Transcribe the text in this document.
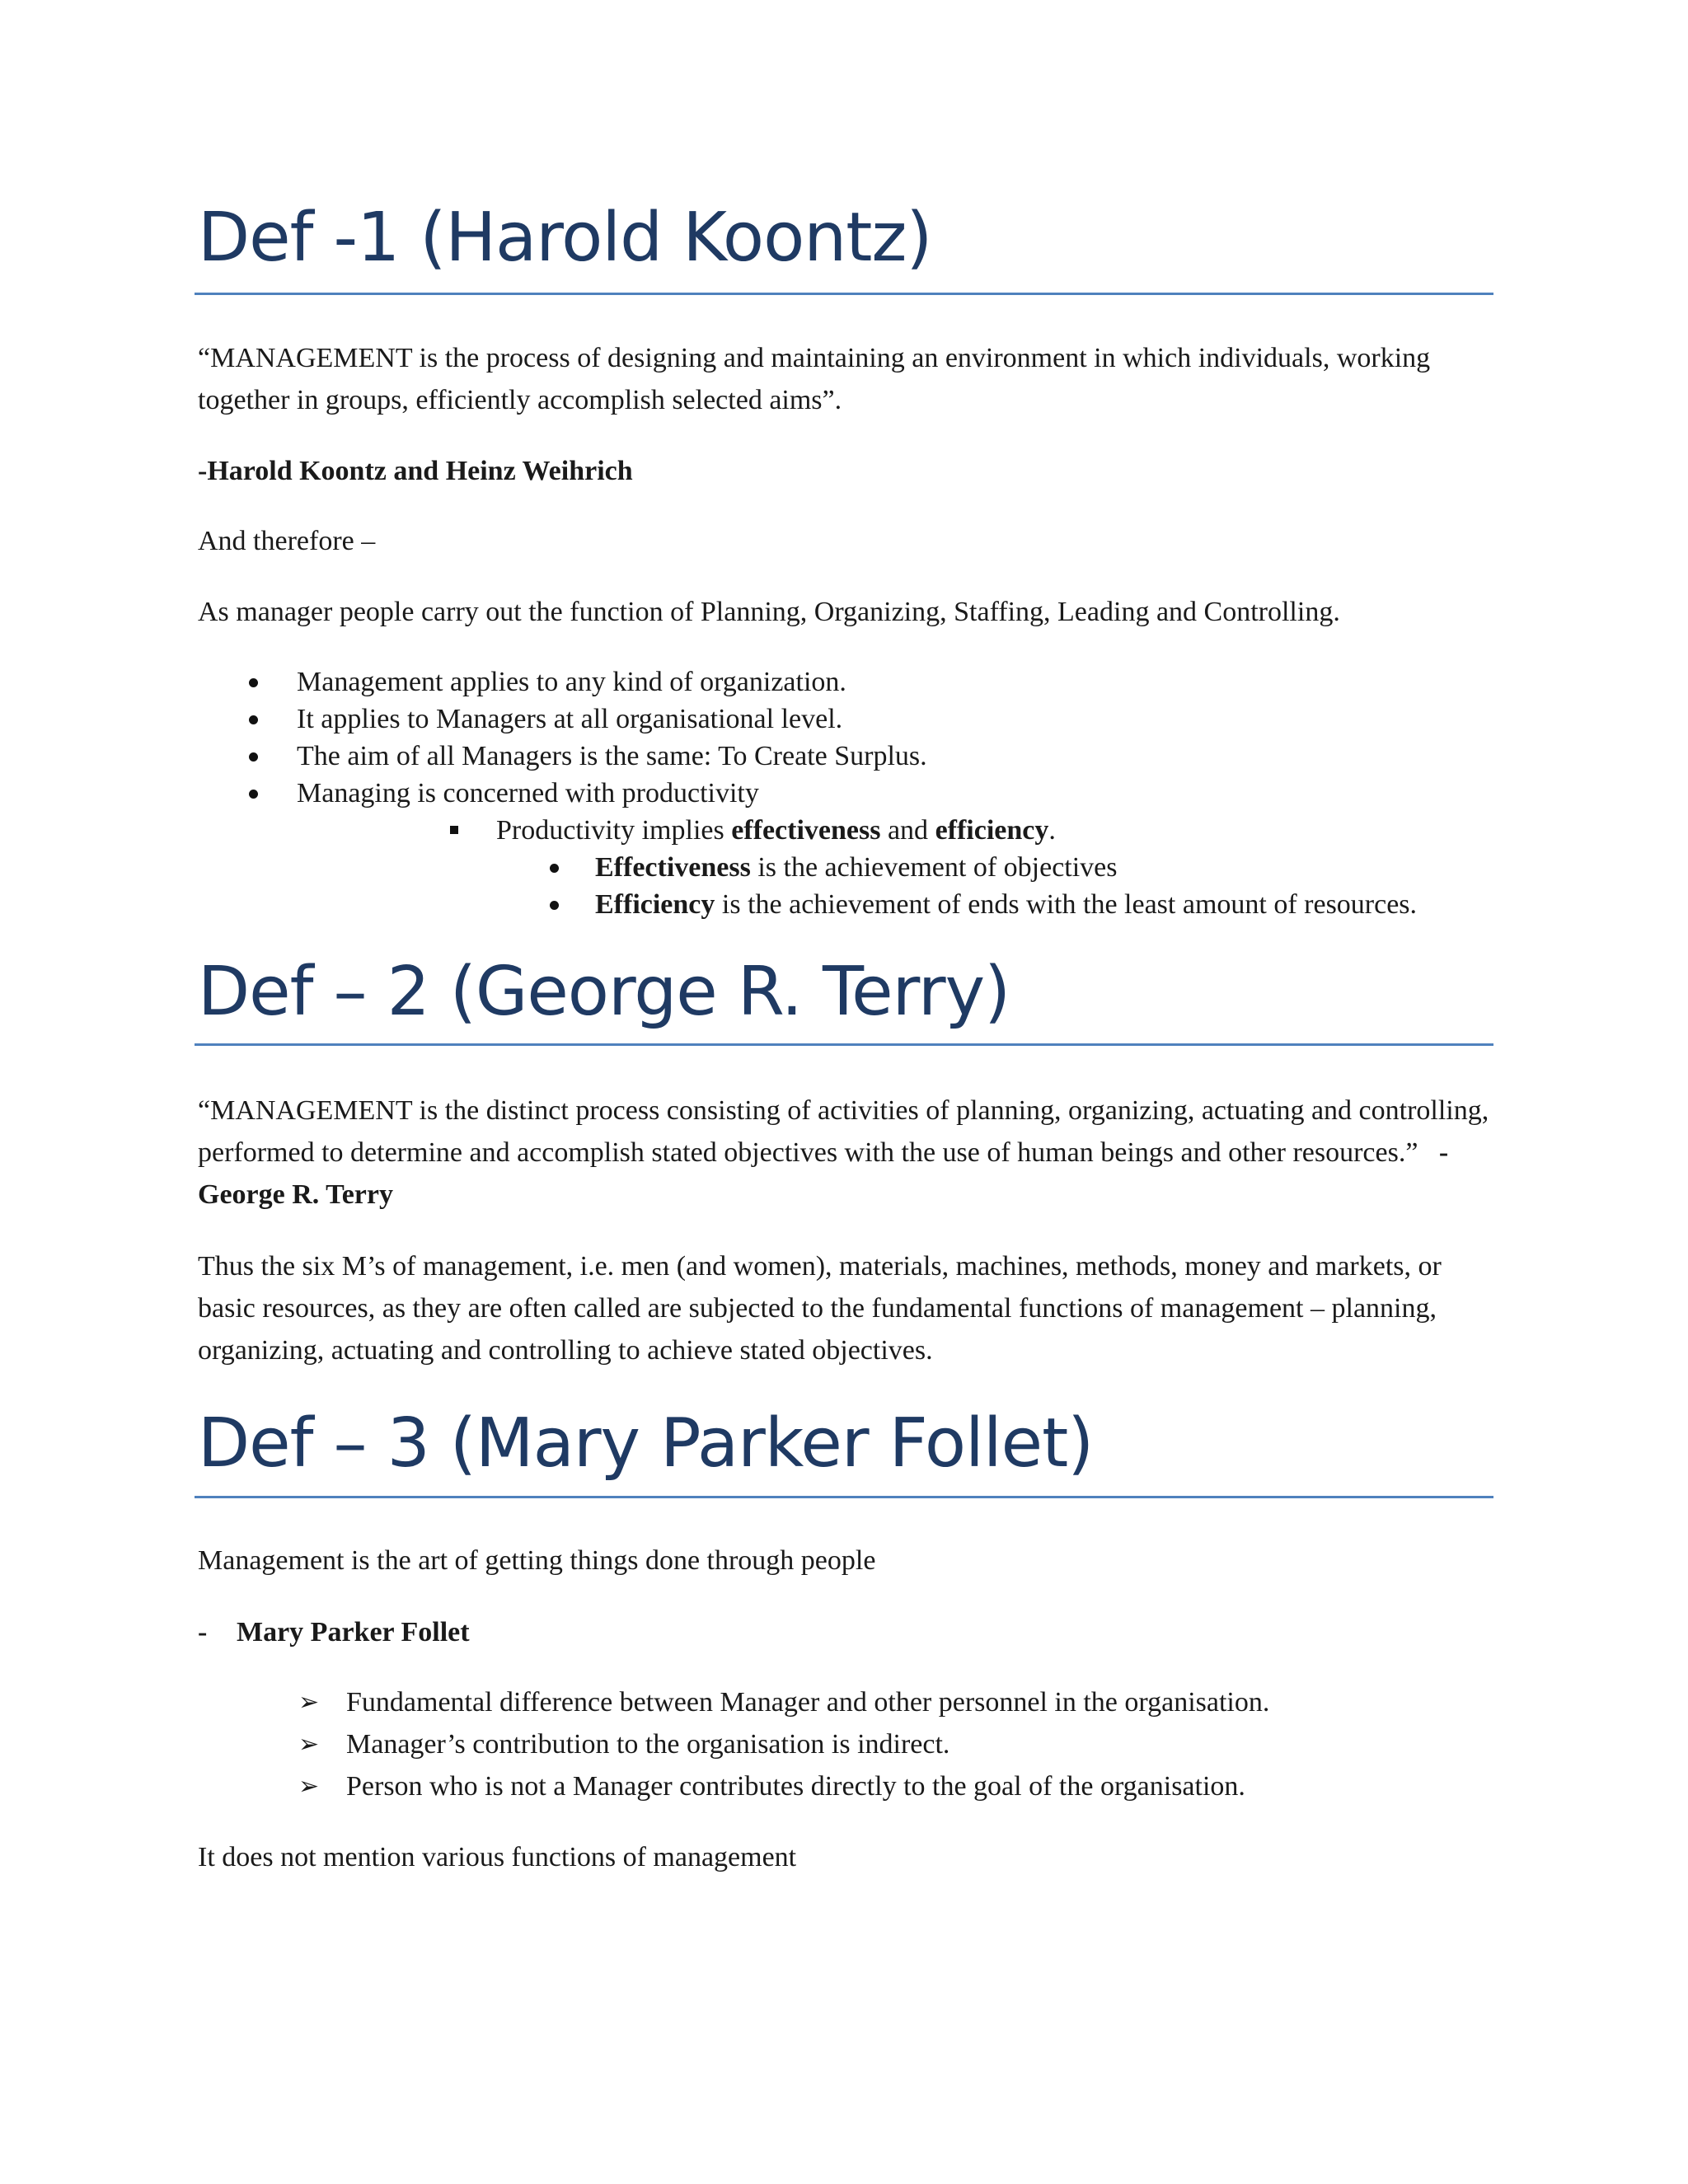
Def -1 (Harold Koontz)

“MANAGEMENT is the process of designing and maintaining an environment in which individuals, working together in groups, efficiently accomplish selected aims”.

-Harold Koontz and Heinz Weihrich

And therefore –

As manager people carry out the function of Planning, Organizing, Staffing, Leading and Controlling.

Management applies to any kind of organization.
It applies to Managers at all organisational level.
The aim of all Managers is the same: To Create Surplus.
Managing is concerned with productivity
Productivity implies effectiveness and efficiency.
Effectiveness is the achievement of objectives
Efficiency is the achievement of ends with the least amount of resources.
Def – 2 (George R. Terry)

“MANAGEMENT is the distinct process consisting of activities of planning, organizing, actuating and controlling, performed to determine and accomplish stated objectives with the use of human beings and other resources.” - George R. Terry

Thus the six M’s of management, i.e. men (and women), materials, machines, methods, money and markets, or basic resources, as they are often called are subjected to the fundamental functions of management – planning, organizing, actuating and controlling to achieve stated objectives.

Def – 3 (Mary Parker Follet)

Management is the art of getting things done through people

- Mary Parker Follet
➢ Fundamental difference between Manager and other personnel in the organisation.
➢ Manager’s contribution to the organisation is indirect.
➢ Person who is not a Manager contributes directly to the goal of the organisation.

It does not mention various functions of management
